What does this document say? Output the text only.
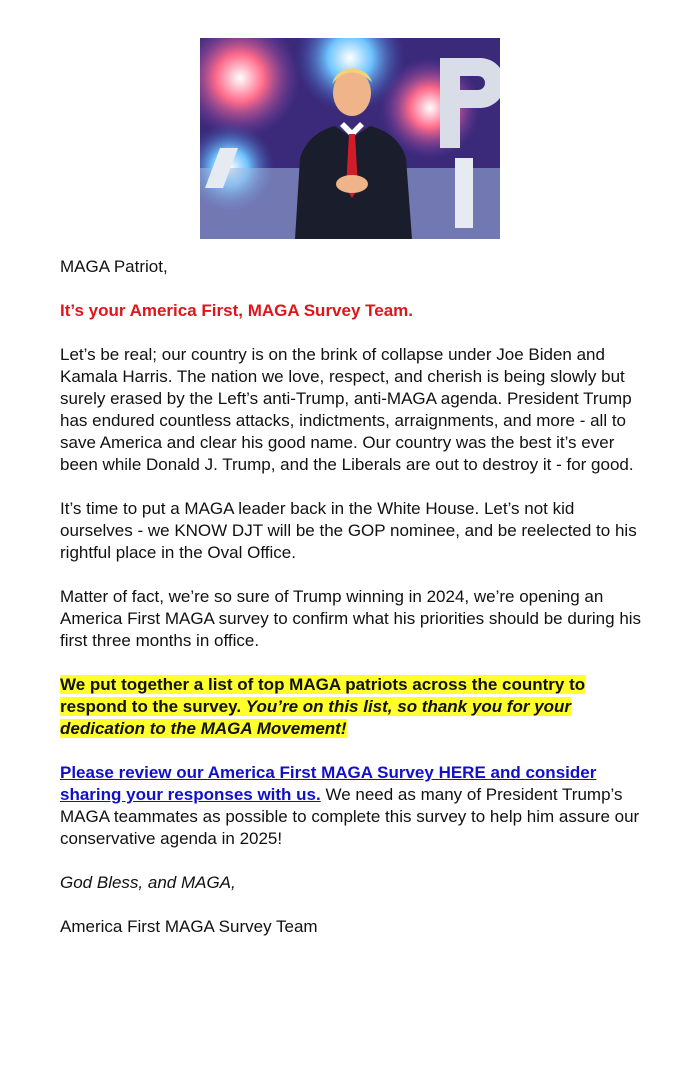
MAGA Patriot,

It’s your America First, MAGA Survey Team.

Let’s be real; our country is on the brink of collapse under Joe Biden and Kamala Harris. The nation we love, respect, and cherish is being slowly but surely erased by the Left’s anti-Trump, anti-MAGA agenda. President Trump has endured countless attacks, indictments, arraignments, and more - all to save America and clear his good name. Our country was the best it’s ever been while Donald J. Trump, and the Liberals are out to destroy it - for good.

It’s time to put a MAGA leader back in the White House. Let’s not kid ourselves - we KNOW DJT will be the GOP nominee, and be reelected to his rightful place in the Oval Office.

Matter of fact, we’re so sure of Trump winning in 2024, we’re opening an America First MAGA survey to confirm what his priorities should be during his first three months in office.

We put together a list of top MAGA patriots across the country to respond to the survey. You’re on this list, so thank you for your dedication to the MAGA Movement!

Please review our America First MAGA Survey HERE and consider sharing your responses with us. We need as many of President Trump’s MAGA teammates as possible to complete this survey to help him assure our conservative agenda in 2025!

God Bless, and MAGA,

America First MAGA Survey Team
